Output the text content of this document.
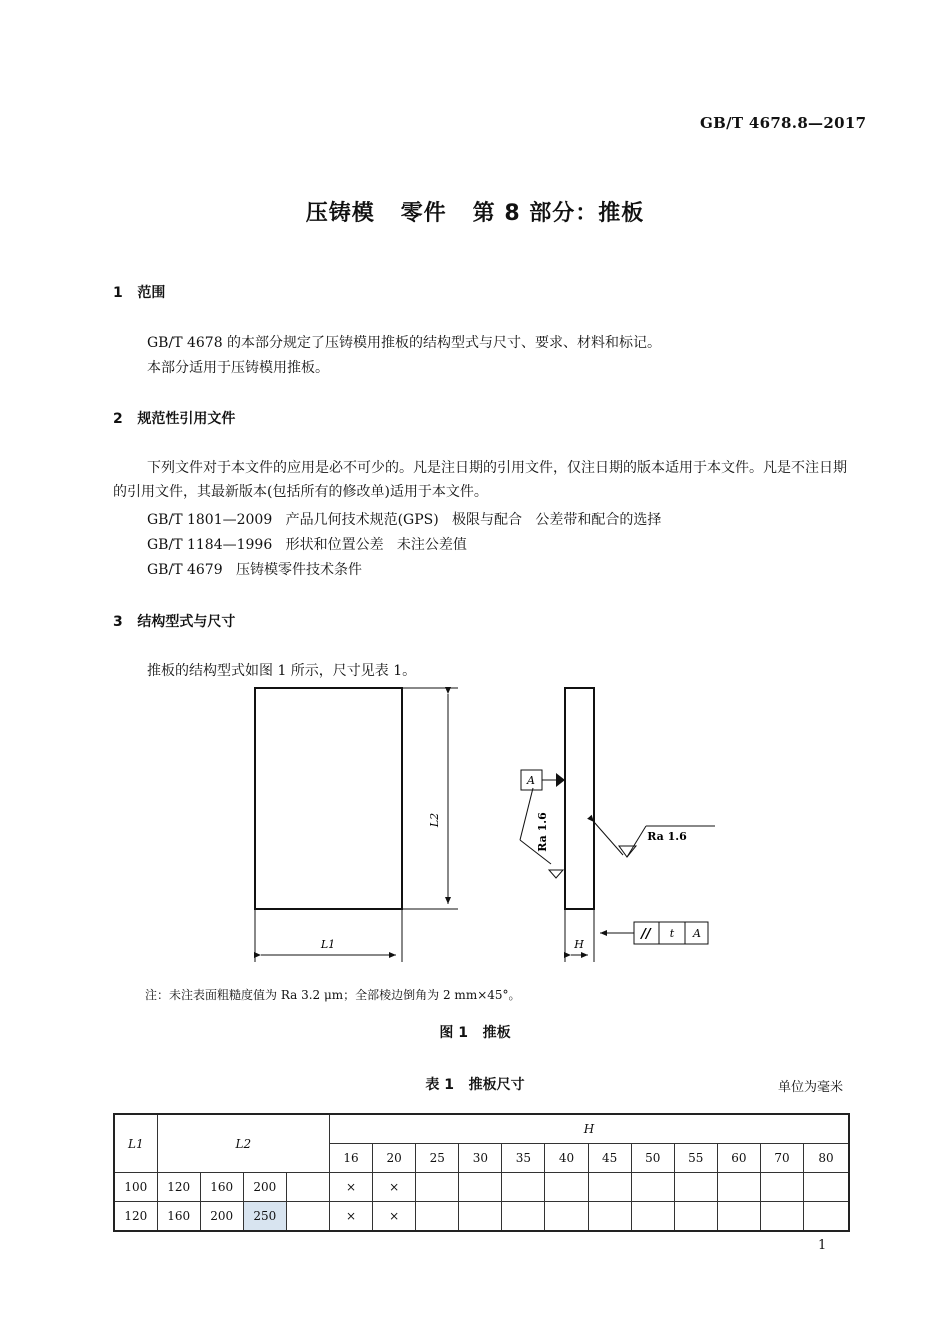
GB/T 4678.8—2017
压铸模   零件   第 8 部分：推板
1   范围
GB/T 4678 的本部分规定了压铸模用推板的结构型式与尺寸、要求、材料和标记。
本部分适用于压铸模用推板。
2   规范性引用文件
下列文件对于本文件的应用是必不可少的。凡是注日期的引用文件，仅注日期的版本适用于本文件。凡是不注日期的引用文件，其最新版本(包括所有的修改单)适用于本文件。
GB/T 1801—2009   产品几何技术规范(GPS)   极限与配合   公差带和配合的选择
GB/T 1184—1996   形状和位置公差   未注公差值
GB/T 4679   压铸模零件技术条件
3   结构型式与尺寸
推板的结构型式如图 1 所示，尺寸见表 1。
L2
L1	H
A
Ra 1.6	Ra 1.6
// t A
注：未注表面粗糙度值为 Ra 3.2 μm；全部棱边倒角为 2 mm×45°。
图 1   推板
表 1   推板尺寸	单位为毫米
L1	L2				H											
					16	20	25	30	35	40	45	50	55	60	70	80
100	120	160	200		×	×										
120	160	200	250		×	×										
1
